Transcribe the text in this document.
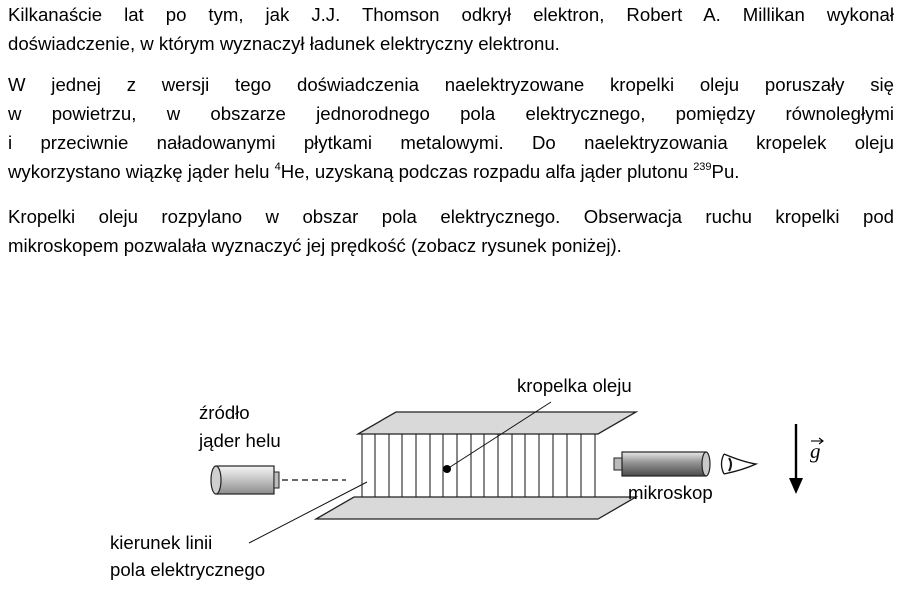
Kilkanaście lat po tym, jak J.J. Thomson odkrył elektron, Robert A. Millikan wykonał
doświadczenie, w którym wyznaczył ładunek elektryczny elektronu.
W jednej z wersji tego doświadczenia naelektryzowane kropelki oleju poruszały się
w powietrzu, w obszarze jednorodnego pola elektrycznego, pomiędzy równoległymi
i przeciwnie naładowanymi płytkami metalowymi. Do naelektryzowania kropelek oleju
wykorzystano wiązkę jąder helu $^4$He, uzyskaną podczas rozpadu alfa jąder plutonu $^{239}$Pu.
Kropelki oleju rozpylano w obszar pola elektrycznego. Obserwacja ruchu kropelki pod
mikroskopem pozwalała wyznaczyć jej prędkość (zobacz rysunek poniżej).
źródło
jąder helu
kropelka oleju
mikroskop
kierunek linii
pola elektrycznego
g
